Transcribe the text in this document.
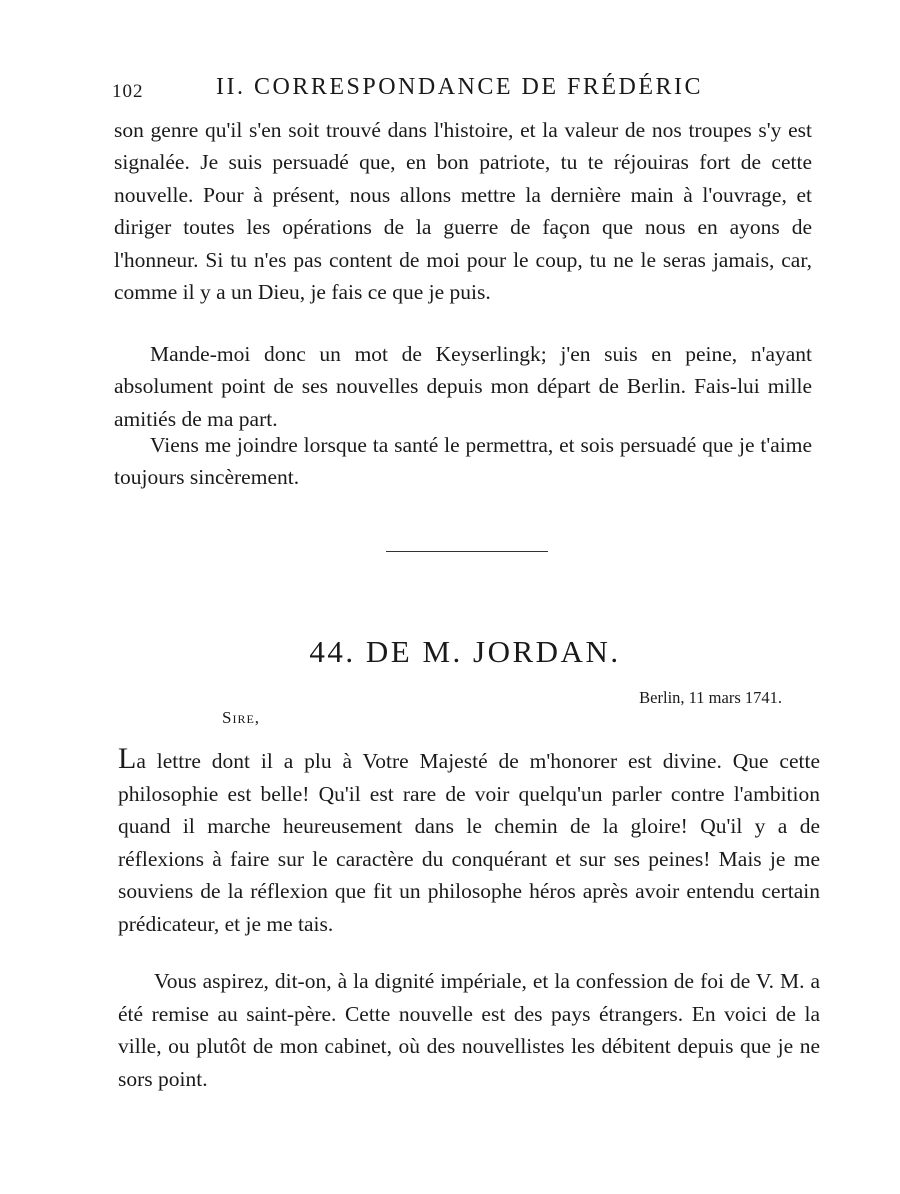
102	II. CORRESPONDANCE DE FRÉDÉRIC

son genre qu'il s'en soit trouvé dans l'histoire, et la valeur de nos troupes s'y est signalée. Je suis persuadé que, en bon patriote, tu te réjouiras fort de cette nouvelle. Pour à présent, nous allons mettre la dernière main à l'ouvrage, et diriger toutes les opérations de la guerre de façon que nous en ayons de l'honneur. Si tu n'es pas content de moi pour le coup, tu ne le seras jamais, car, comme il y a un Dieu, je fais ce que je puis.

Mande-moi donc un mot de Keyserlingk; j'en suis en peine, n'ayant absolument point de ses nouvelles depuis mon départ de Berlin. Fais-lui mille amitiés de ma part.

Viens me joindre lorsque ta santé le permettra, et sois persuadé que je t'aime toujours sincèrement.

44. DE M. JORDAN.
Berlin, 11 mars 1741.
Sire,

La lettre dont il a plu à Votre Majesté de m'honorer est divine. Que cette philosophie est belle! Qu'il est rare de voir quelqu'un parler contre l'ambition quand il marche heureusement dans le chemin de la gloire! Qu'il y a de réflexions à faire sur le caractère du conquérant et sur ses peines! Mais je me souviens de la réflexion que fit un philosophe héros après avoir entendu certain prédicateur, et je me tais.

Vous aspirez, dit-on, à la dignité impériale, et la confession de foi de V. M. a été remise au saint-père. Cette nouvelle est des pays étrangers. En voici de la ville, ou plutôt de mon cabinet, où des nouvellistes les débitent depuis que je ne sors point.
